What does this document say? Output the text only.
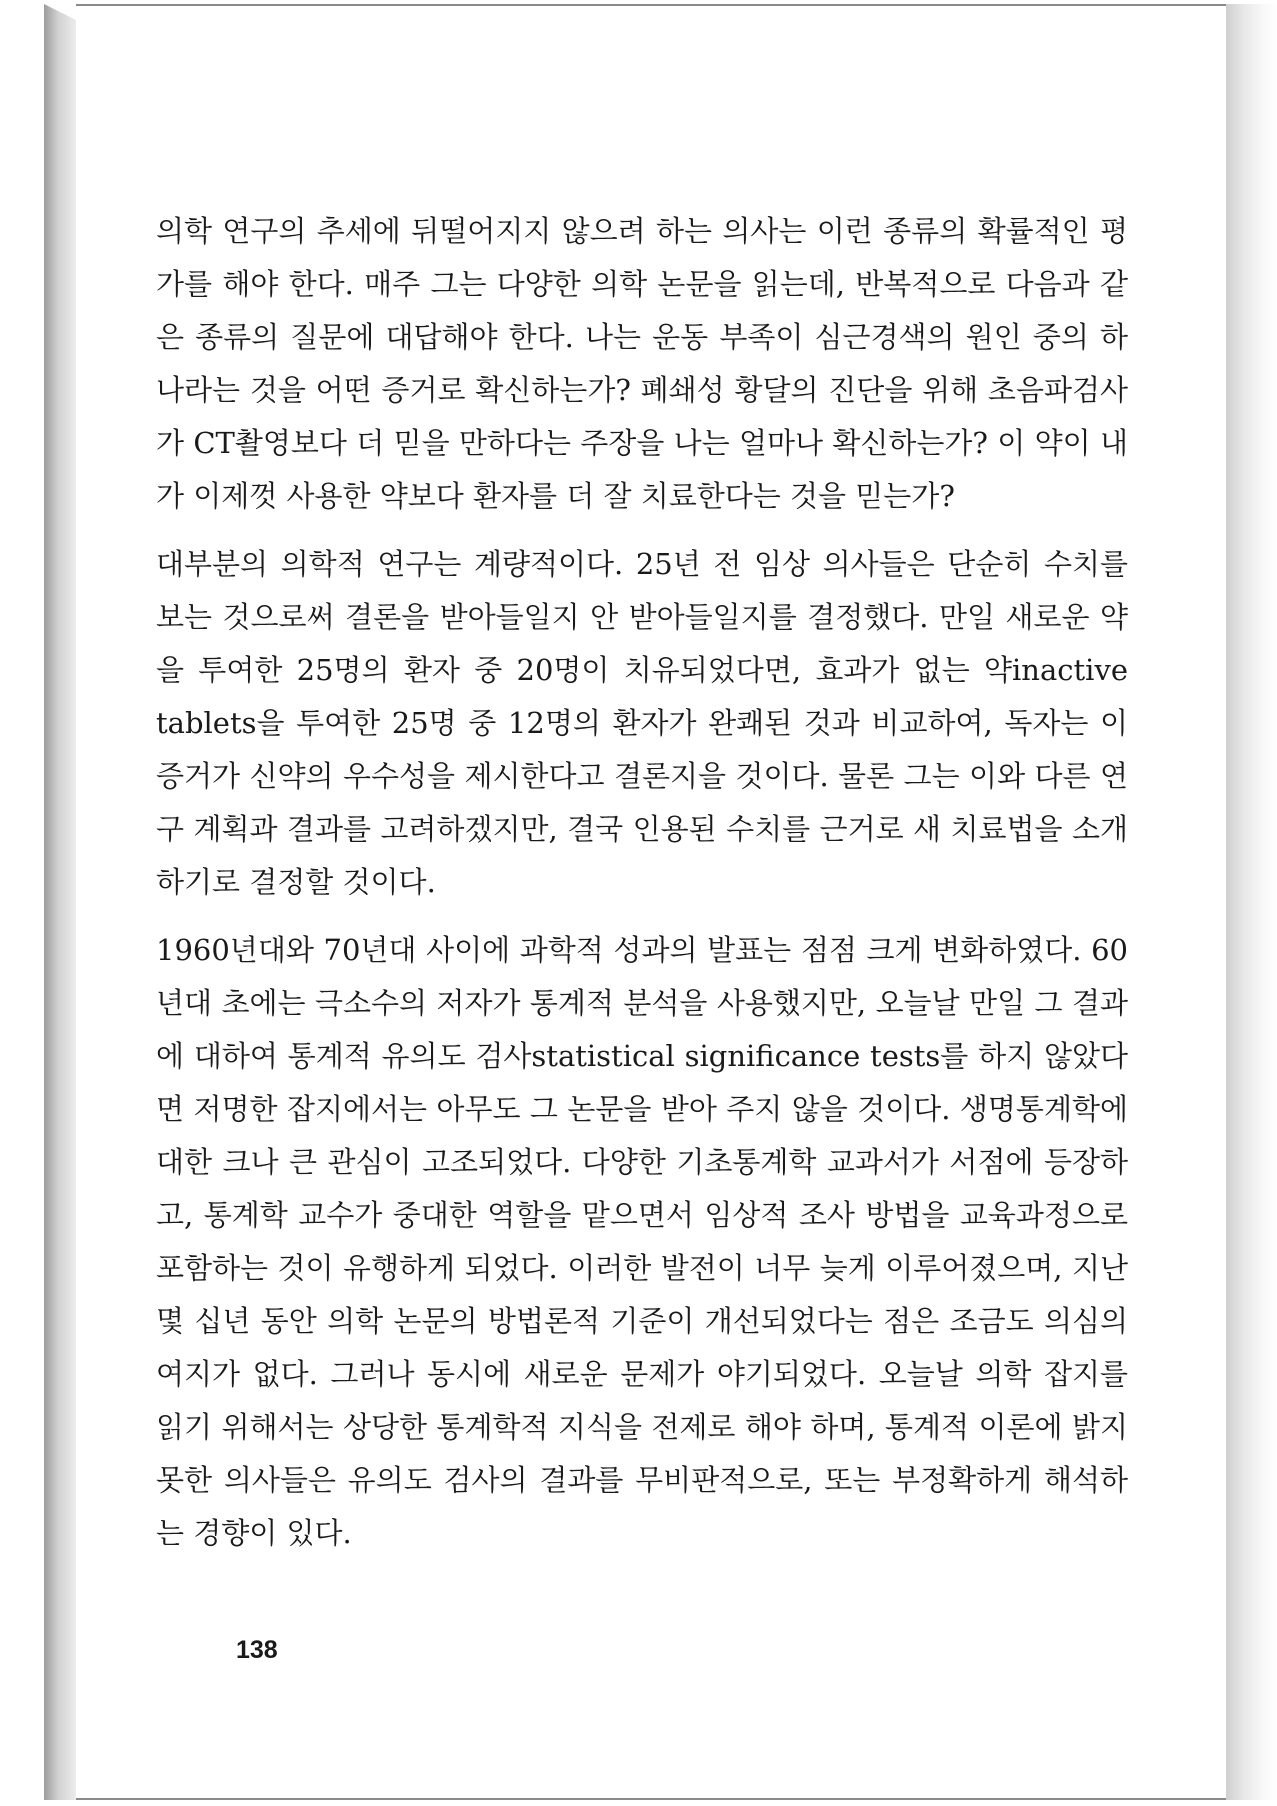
의학 연구의 추세에 뒤떨어지지 않으려 하는 의사는 이런 종류의 확률적인 평가를 해야 한다. 매주 그는 다양한 의학 논문을 읽는데, 반복적으로 다음과 같은 종류의 질문에 대답해야 한다. 나는 운동 부족이 심근경색의 원인 중의 하나라는 것을 어떤 증거로 확신하는가? 폐쇄성 황달의 진단을 위해 초음파검사가 CT촬영보다 더 믿을 만하다는 주장을 나는 얼마나 확신하는가? 이 약이 내가 이제껏 사용한 약보다 환자를 더 잘 치료한다는 것을 믿는가?

대부분의 의학적 연구는 계량적이다. 25년 전 임상 의사들은 단순히 수치를 보는 것으로써 결론을 받아들일지 안 받아들일지를 결정했다. 만일 새로운 약을 투여한 25명의 환자 중 20명이 치유되었다면, 효과가 없는 약inactive tablets을 투여한 25명 중 12명의 환자가 완쾌된 것과 비교하여, 독자는 이 증거가 신약의 우수성을 제시한다고 결론지을 것이다. 물론 그는 이와 다른 연구 계획과 결과를 고려하겠지만, 결국 인용된 수치를 근거로 새 치료법을 소개하기로 결정할 것이다.

1960년대와 70년대 사이에 과학적 성과의 발표는 점점 크게 변화하였다. 60년대 초에는 극소수의 저자가 통계적 분석을 사용했지만, 오늘날 만일 그 결과에 대하여 통계적 유의도 검사statistical significance tests를 하지 않았다면 저명한 잡지에서는 아무도 그 논문을 받아 주지 않을 것이다. 생명통계학에 대한 크나 큰 관심이 고조되었다. 다양한 기초통계학 교과서가 서점에 등장하고, 통계학 교수가 중대한 역할을 맡으면서 임상적 조사 방법을 교육과정으로 포함하는 것이 유행하게 되었다. 이러한 발전이 너무 늦게 이루어졌으며, 지난 몇 십년 동안 의학 논문의 방법론적 기준이 개선되었다는 점은 조금도 의심의 여지가 없다. 그러나 동시에 새로운 문제가 야기되었다. 오늘날 의학 잡지를 읽기 위해서는 상당한 통계학적 지식을 전제로 해야 하며, 통계적 이론에 밝지 못한 의사들은 유의도 검사의 결과를 무비판적으로, 또는 부정확하게 해석하는 경향이 있다.

138
